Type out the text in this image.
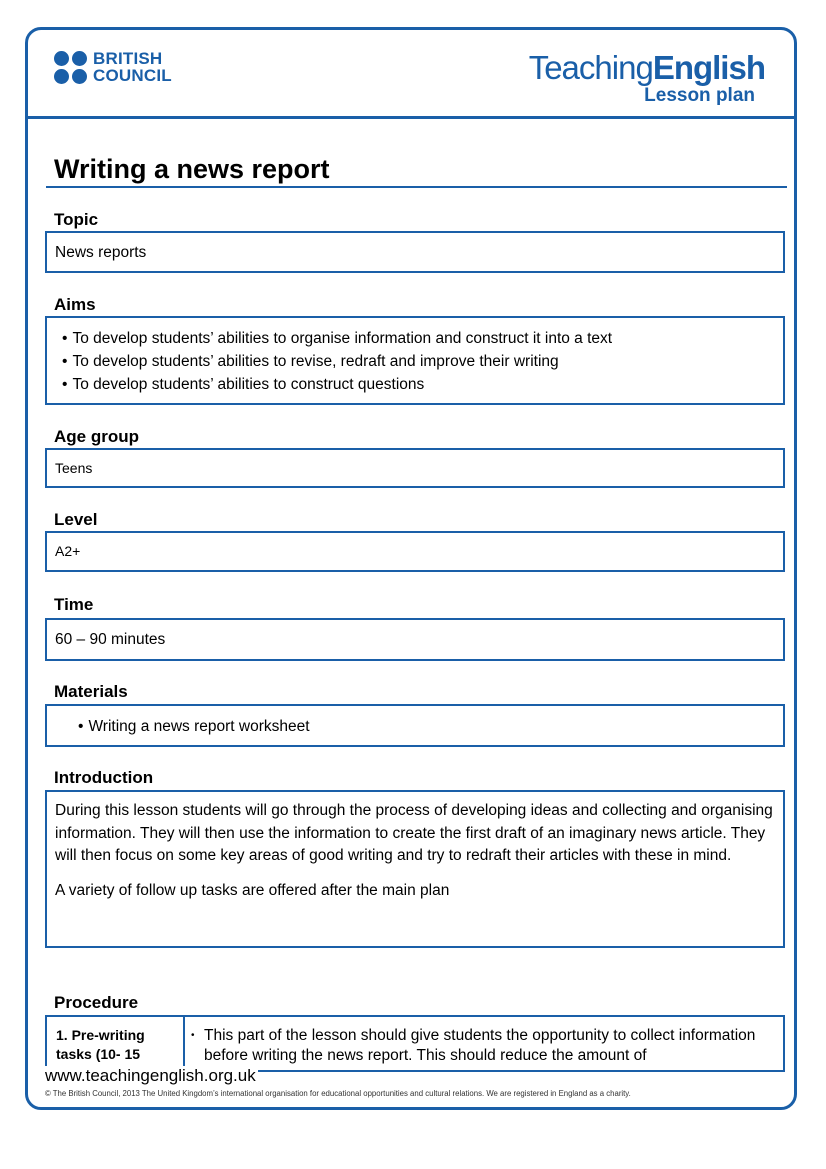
BRITISH
COUNCIL	TeachingEnglish
Lesson plan
Writing a news report
Topic
News reports
Aims
• To develop students’ abilities to organise information and construct it into a text
• To develop students’ abilities to revise, redraft and improve their writing
• To develop students’ abilities to construct questions
Age group
Teens
Level
A2+
Time
60 – 90 minutes
Materials
• Writing a news report worksheet
Introduction

During this lesson students will go through the process of developing ideas and collecting and organising information. They will then use the information to create the first draft of an imaginary news article. They will then focus on some key areas of good writing and try to redraft their articles with these in mind.

A variety of follow up tasks are offered after the main plan

Procedure
1. Pre-writing tasks (10- 15
• This part of the lesson should give students the opportunity to collect information before writing the news report. This should reduce the amount of
www.teachingenglish.org.uk
© The British Council, 2013 The United Kingdom’s international organisation for educational opportunities and cultural relations. We are registered in England as a charity.
